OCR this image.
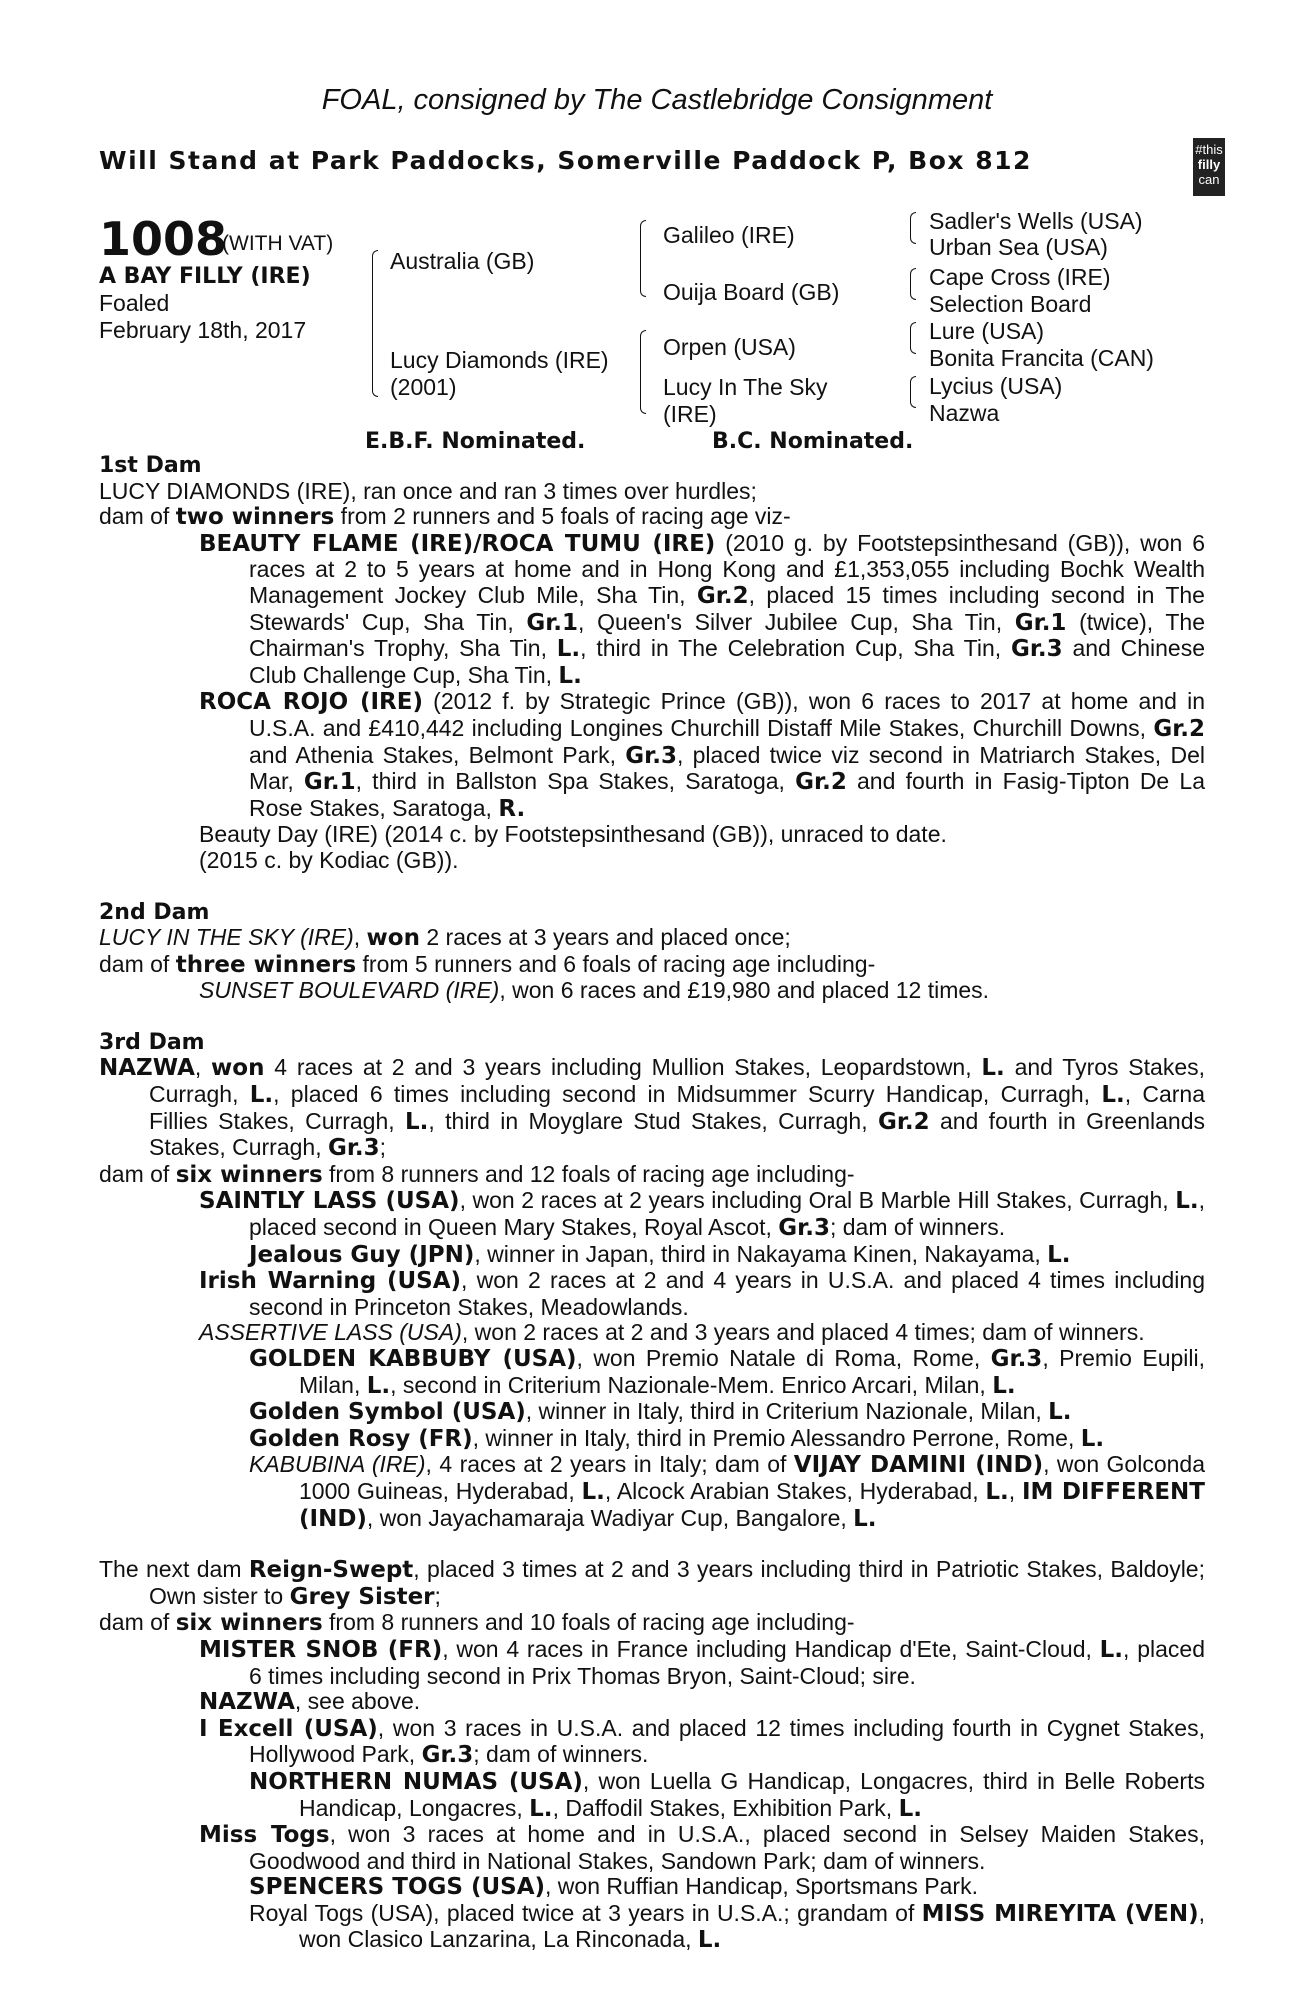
FOAL, consigned by The Castlebridge Consignment
Will Stand at Park Paddocks, Somerville Paddock P, Box 812	#this
filly
can
1008
(WITH VAT)
A BAY FILLY (IRE)
Foaled
February 18th, 2017
Australia (GB)
Lucy Diamonds (IRE)
(2001)
Galileo (IRE)
Ouija Board (GB)
Orpen (USA)
Lucy In The Sky
(IRE)
Sadler's Wells (USA)
Urban Sea (USA)
Cape Cross (IRE)
Selection Board
Lure (USA)
Bonita Francita (CAN)
Lycius (USA)
Nazwa
E.B.F. Nominated.	B.C. Nominated.

1st Dam

LUCY DIAMONDS (IRE), ran once and ran 3 times over hurdles;

dam of two winners from 2 runners and 5 foals of racing age viz-

BEAUTY FLAME (IRE)/ROCA TUMU (IRE) (2010 g. by Footstepsinthesand (GB)), won 6 races at 2 to 5 years at home and in Hong Kong and £1,353,055 including Bochk Wealth Management Jockey Club Mile, Sha Tin, Gr.2, placed 15 times including second in The Stewards' Cup, Sha Tin, Gr.1, Queen's Silver Jubilee Cup, Sha Tin, Gr.1 (twice), The Chairman's Trophy, Sha Tin, L., third in The Celebration Cup, Sha Tin, Gr.3 and Chinese Club Challenge Cup, Sha Tin, L.

ROCA ROJO (IRE) (2012 f. by Strategic Prince (GB)), won 6 races to 2017 at home and in U.S.A. and £410,442 including Longines Churchill Distaff Mile Stakes, Churchill Downs, Gr.2 and Athenia Stakes, Belmont Park, Gr.3, placed twice viz second in Matriarch Stakes, Del Mar, Gr.1, third in Ballston Spa Stakes, Saratoga, Gr.2 and fourth in Fasig-Tipton De La Rose Stakes, Saratoga, R.

Beauty Day (IRE) (2014 c. by Footstepsinthesand (GB)), unraced to date.

(2015 c. by Kodiac (GB)).

2nd Dam

LUCY IN THE SKY (IRE), won 2 races at 3 years and placed once;

dam of three winners from 5 runners and 6 foals of racing age including-

SUNSET BOULEVARD (IRE), won 6 races and £19,980 and placed 12 times.

3rd Dam

NAZWA, won 4 races at 2 and 3 years including Mullion Stakes, Leopardstown, L. and Tyros Stakes, Curragh, L., placed 6 times including second in Midsummer Scurry Handicap, Curragh, L., Carna Fillies Stakes, Curragh, L., third in Moyglare Stud Stakes, Curragh, Gr.2 and fourth in Greenlands Stakes, Curragh, Gr.3;

dam of six winners from 8 runners and 12 foals of racing age including-

SAINTLY LASS (USA), won 2 races at 2 years including Oral B Marble Hill Stakes, Curragh, L., placed second in Queen Mary Stakes, Royal Ascot, Gr.3; dam of winners.

Jealous Guy (JPN), winner in Japan, third in Nakayama Kinen, Nakayama, L.

Irish Warning (USA), won 2 races at 2 and 4 years in U.S.A. and placed 4 times including second in Princeton Stakes, Meadowlands.

ASSERTIVE LASS (USA), won 2 races at 2 and 3 years and placed 4 times; dam of winners.

GOLDEN KABBUBY (USA), won Premio Natale di Roma, Rome, Gr.3, Premio Eupili, Milan, L., second in Criterium Nazionale-Mem. Enrico Arcari, Milan, L.

Golden Symbol (USA), winner in Italy, third in Criterium Nazionale, Milan, L.

Golden Rosy (FR), winner in Italy, third in Premio Alessandro Perrone, Rome, L.

KABUBINA (IRE), 4 races at 2 years in Italy; dam of VIJAY DAMINI (IND), won Golconda 1000 Guineas, Hyderabad, L., Alcock Arabian Stakes, Hyderabad, L., IM DIFFERENT (IND), won Jayachamaraja Wadiyar Cup, Bangalore, L.

The next dam Reign-Swept, placed 3 times at 2 and 3 years including third in Patriotic Stakes, Baldoyle; Own sister to Grey Sister;

dam of six winners from 8 runners and 10 foals of racing age including-

MISTER SNOB (FR), won 4 races in France including Handicap d'Ete, Saint-Cloud, L., placed 6 times including second in Prix Thomas Bryon, Saint-Cloud; sire.

NAZWA, see above.

I Excell (USA), won 3 races in U.S.A. and placed 12 times including fourth in Cygnet Stakes, Hollywood Park, Gr.3; dam of winners.

NORTHERN NUMAS (USA), won Luella G Handicap, Longacres, third in Belle Roberts Handicap, Longacres, L., Daffodil Stakes, Exhibition Park, L.

Miss Togs, won 3 races at home and in U.S.A., placed second in Selsey Maiden Stakes, Goodwood and third in National Stakes, Sandown Park; dam of winners.

SPENCERS TOGS (USA), won Ruffian Handicap, Sportsmans Park.

Royal Togs (USA), placed twice at 3 years in U.S.A.; grandam of MISS MIREYITA (VEN), won Clasico Lanzarina, La Rinconada, L.
